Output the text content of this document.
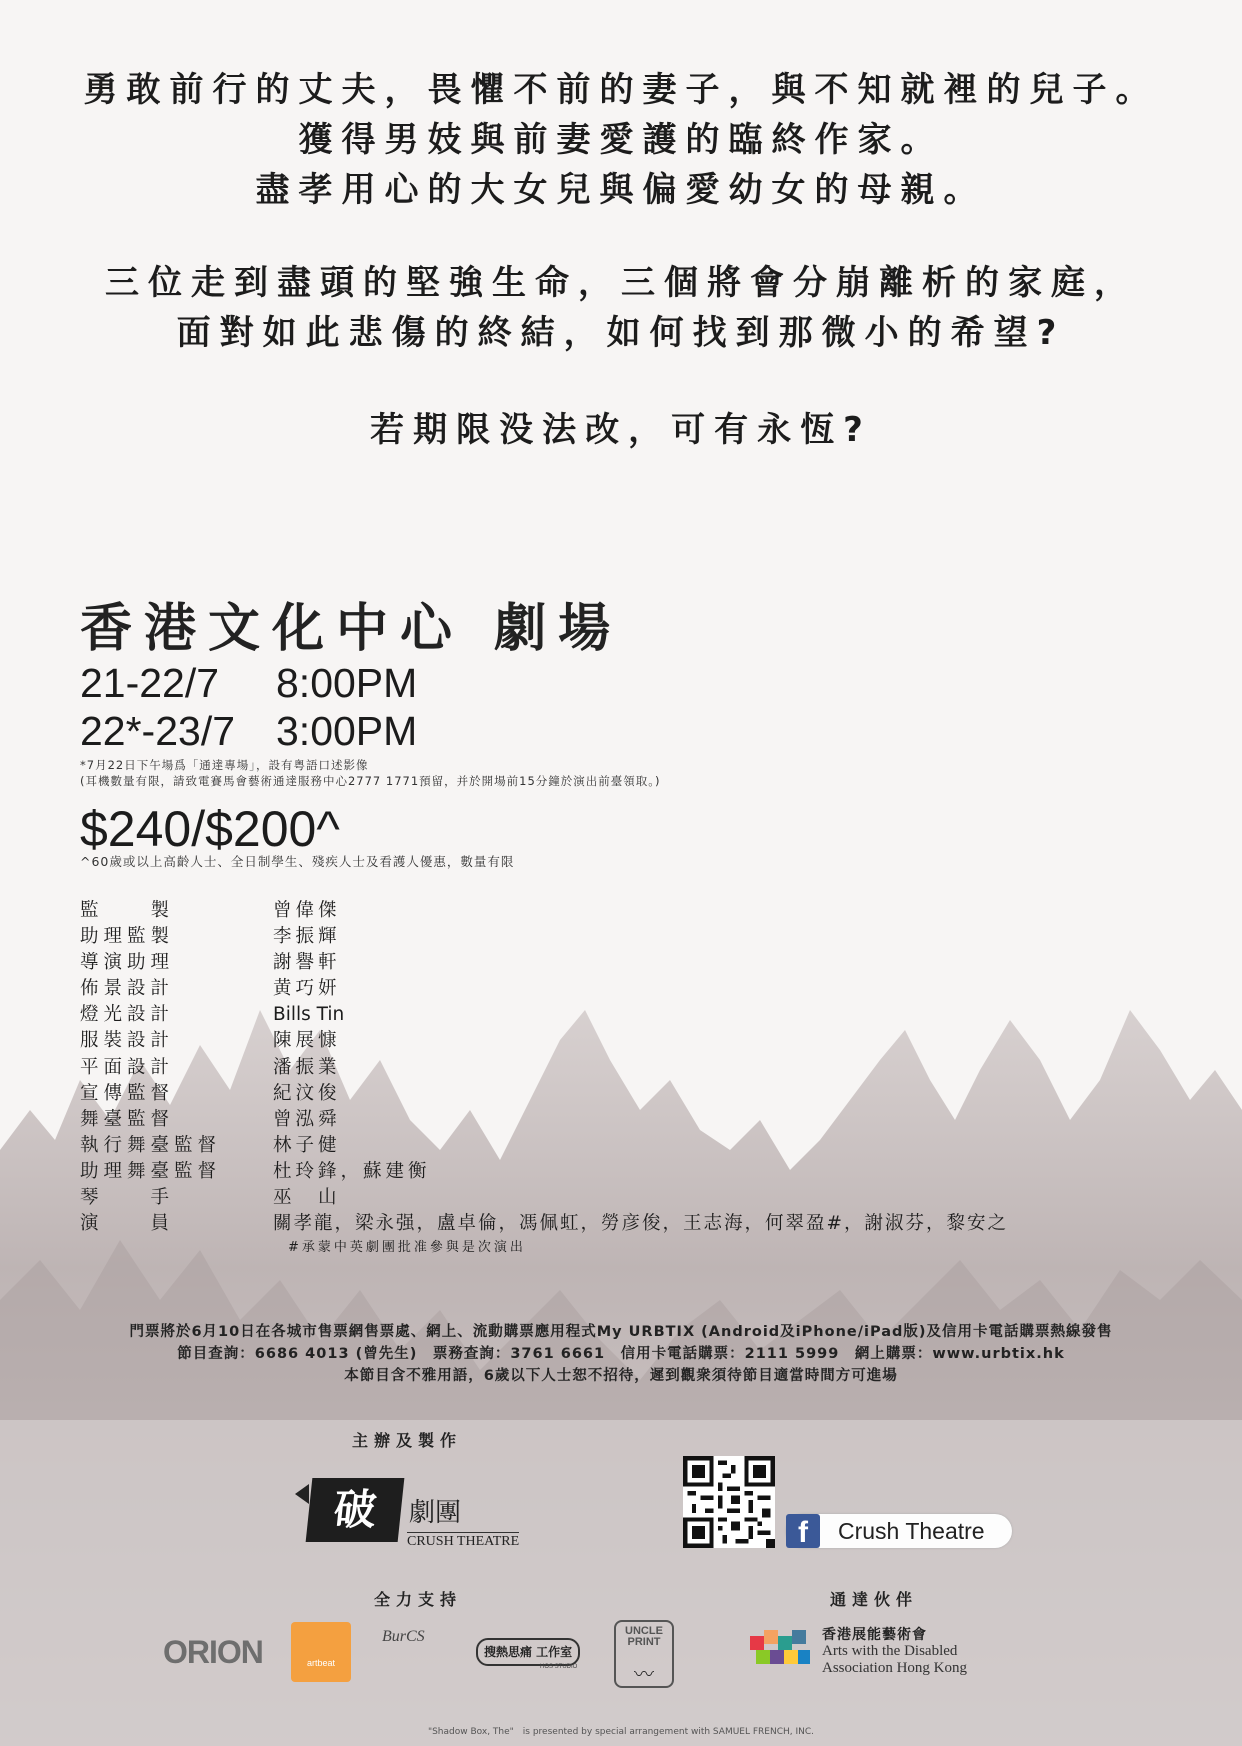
勇敢前行的丈夫，畏懼不前的妻子，與不知就裡的兒子。
獲得男妓與前妻愛護的臨終作家。
盡孝用心的大女兒與偏愛幼女的母親。
三位走到盡頭的堅強生命，三個將會分崩離析的家庭，
面對如此悲傷的終結，如何找到那微小的希望?
若期限没法改，可有永恆?
香港文化中心 劇場
21-22/7 8:00PM
22*-23/7 3:00PM
*7月22日下午場爲「通達專場」，設有粤語口述影像
(耳機數量有限，請致電賽馬會藝術通達服務中心2777 1771預留，并於開場前15分鐘於演出前臺領取。)
$240/$200^
^60歲或以上高齡人士、全日制學生、殘疾人士及看護人優惠，數量有限
監　　製	曾偉傑
助理監製	李振輝
導演助理	謝譽軒
佈景設計	黄巧妍
燈光設計	Bills Tin
服裝設計	陳展慷
平面設計	潘振業
宣傳監督	紀汶俊
舞臺監督	曾泓舜
執行舞臺監督	林子健
助理舞臺監督	杜玲鋒，蘇建衡
琴　　手	巫　山
演　　員	關孝龍，梁永强，盧卓倫，馮佩虹，勞彦俊，王志海，何翠盈#，謝淑芬，黎安之
#承蒙中英劇團批准參與是次演出
門票將於6月10日在各城市售票網售票處、網上、流動購票應用程式My URBTIX (Android及iPhone/iPad版)及信用卡電話購票熱線發售
節目查詢：6686 4013 (曾先生)　票務查詢：3761 6661　信用卡電話購票：2111 5999　網上購票：www.urbtix.hk
本節目含不雅用語，6歲以下人士恕不招待，遲到觀衆須待節目適當時間方可進場
主辦及製作
破	劇團
CRUSH THEATRE	f	Crush Theatre
全力支持
ORION	artbeat
BurCS
搜熱思痛 工作室
HOS STUDIO
UNCLE PRINT
〰
通達伙伴
香港展能藝術會
Arts with the Disabled
Association Hong Kong
"Shadow Box, The"　is presented by special arrangement with SAMUEL FRENCH, INC.
